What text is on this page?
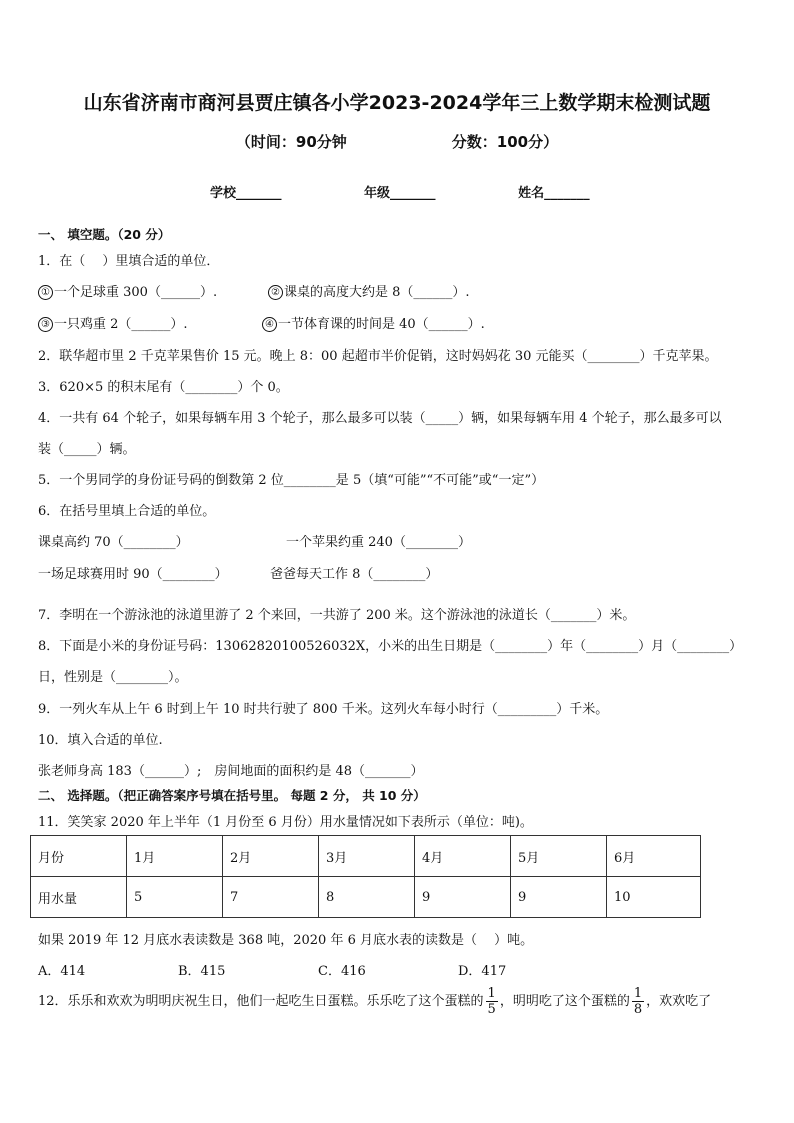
山东省济南市商河县贾庄镇各小学2023-2024学年三上数学期末检测试题
（时间：90分钟	分数：100分）
学校_______	年级_______	姓名_______
一、 填空题。（20 分）
1．在（　 ）里填合适的单位．
① 一个足球重 300（______）.	② 课桌的高度大约是 8（______）.
③ 一只鸡重 2（______）.	④ 一节体育课的时间是 40（______）.
2．联华超市里 2 千克苹果售价 15 元。晚上 8：00 起超市半价促销，这时妈妈花 30 元能买（________）千克苹果。
3．620×5 的积末尾有（________）个 0。
4．一共有 64 个轮子，如果每辆车用 3 个轮子，那么最多可以装（_____）辆，如果每辆车用 4 个轮子，那么最多可以
装（_____）辆。
5．一个男同学的身份证号码的倒数第 2 位________是 5（填“可能”“不可能”或“一定”）
6．在括号里填上合适的单位。
课桌高约 70（________）	一个苹果约重 240（________）
一场足球赛用时 90（________）	爸爸每天工作 8（________）
7．李明在一个游泳池的泳道里游了 2 个来回，一共游了 200 米。这个游泳池的泳道长（_______）米。
8．下面是小米的身份证号码：13062820100526032X，小米的出生日期是（________）年（________）月（________）
日，性别是（________）。
9．一列火车从上午 6 时到上午 10 时共行驶了 800 千米。这列火车每小时行（_________）千米。
10．填入合适的单位.
张老师身高 183（______）;　房间地面的面积约是 48（_______）
二、 选择题。（把正确答案序号填在括号里。 每题 2 分， 共 10 分）
11．笑笑家 2020 年上半年（1 月份至 6 月份）用水量情况如下表所示（单位：吨)。
月份	1月	2月	3月	4月	5月	6月
用水量	5	7	8	9	9	10
如果 2019 年 12 月底水表读数是 368 吨，2020 年 6 月底水表的读数是（　 ）吨。
A．414	B．415	C．416	D．417
12．乐乐和欢欢为明明庆祝生日，他们一起吃生日蛋糕。乐乐吃了这个蛋糕的 $\frac{1}{5}$ ，明明吃了这个蛋糕的 $\frac{1}{8}$ ，欢欢吃了
